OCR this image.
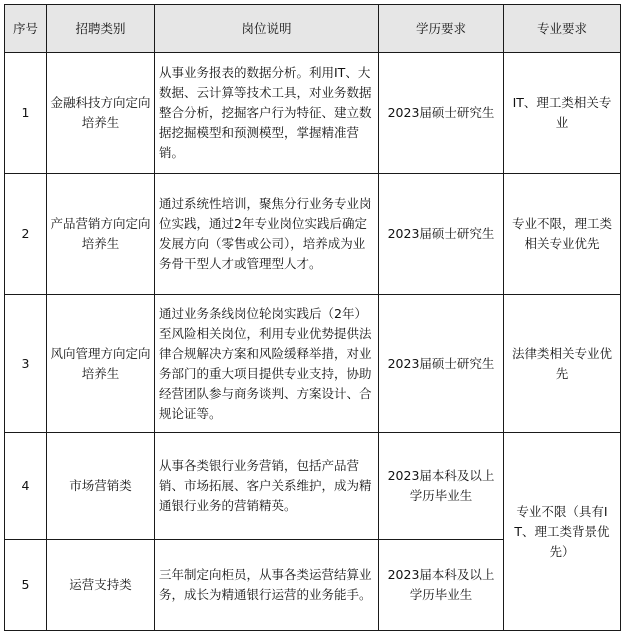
序号	招聘类别	岗位说明	学历要求	专业要求
1	金融科技方向定向培养生	从事业务报表的数据分析。利用IT、大数据、云计算等技术工具，对业务数据整合分析，挖掘客户行为特征、建立数据挖掘模型和预测模型，掌握精准营销。	2023届硕士研究生	IT、理工类相关专业
2	产品营销方向定向培养生	通过系统性培训，聚焦分行业务专业岗位实践，通过2年专业岗位实践后确定发展方向（零售或公司），培养成为业务骨干型人才或管理型人才。	2023届硕士研究生	专业不限，理工类相关专业优先
3	风向管理方向定向培养生	通过业务条线岗位轮岗实践后（2年）至风险相关岗位，利用专业优势提供法律合规解决方案和风险缓释举措，对业务部门的重大项目提供专业支持，协助经营团队参与商务谈判、方案设计、合规论证等。	2023届硕士研究生	法律类相关专业优先
4	市场营销类	从事各类银行业务营销，包括产品营销、市场拓展、客户关系维护，成为精通银行业务的营销精英。	2023届本科及以上学历毕业生	专业不限（具有IT、理工类背景优先）
5	运营支持类	三年制定向柜员，从事各类运营结算业务，成长为精通银行运营的业务能手。	2023届本科及以上学历毕业生	
